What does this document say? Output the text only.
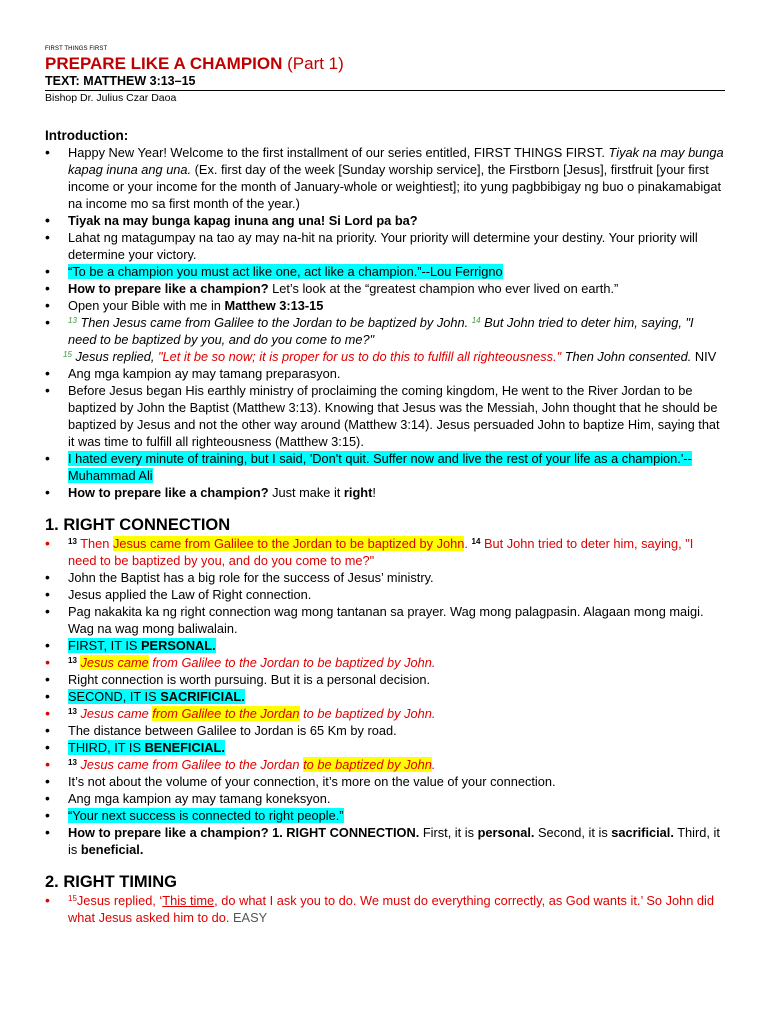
FIRST THINGS FIRST
PREPARE LIKE A CHAMPION (Part 1)
TEXT: MATTHEW 3:13–15
Bishop Dr. Julius Czar Daoa
Introduction:
• Happy New Year! Welcome to the first installment of our series entitled, FIRST THINGS FIRST. Tiyak na may bunga kapag inuna ang una. (Ex. first day of the week [Sunday worship service], the Firstborn [Jesus], firstfruit [your first income or your income for the month of January-whole or weightiest]; ito yung pagbbibigay ng buo o pinakamabigat na income mo sa first month of the year.)
• Tiyak na may bunga kapag inuna ang una! Si Lord pa ba?
• Lahat ng matagumpay na tao ay may na-hit na priority. Your priority will determine your destiny. Your priority will determine your victory.
• “To be a champion you must act like one, act like a champion.”--Lou Ferrigno
• How to prepare like a champion? Let’s look at the “greatest champion who ever lived on earth.”
• Open your Bible with me in Matthew 3:13-15
• $^{13}$ Then Jesus came from Galilee to the Jordan to be baptized by John. $^{14}$ But John tried to deter him, saying, "I need to be baptized by you, and do you come to me?"
$^{15}$ Jesus replied, "Let it be so now; it is proper for us to do this to fulfill all righteousness." Then John consented. NIV
• Ang mga kampion ay may tamang preparasyon.
• Before Jesus began His earthly ministry of proclaiming the coming kingdom, He went to the River Jordan to be baptized by John the Baptist (Matthew 3:13). Knowing that Jesus was the Messiah, John thought that he should be baptized by Jesus and not the other way around (Matthew 3:14). Jesus persuaded John to baptize Him, saying that it was time to fulfill all righteousness (Matthew 3:15).
• I hated every minute of training, but I said, 'Don't quit. Suffer now and live the rest of your life as a champion.'--Muhammad Ali
• How to prepare like a champion? Just make it right!
1. RIGHT CONNECTION
• $^{13}$ Then Jesus came from Galilee to the Jordan to be baptized by John. $^{14}$ But John tried to deter him, saying, "I need to be baptized by you, and do you come to me?"
• John the Baptist has a big role for the success of Jesus’ ministry.
• Jesus applied the Law of Right connection.
• Pag nakakita ka ng right connection wag mong tantanan sa prayer. Wag mong palagpasin. Alagaan mong maigi. Wag na wag mong baliwalain.
• FIRST, IT IS PERSONAL.
• $^{13}$ Jesus came from Galilee to the Jordan to be baptized by John.
• Right connection is worth pursuing. But it is a personal decision.
• SECOND, IT IS SACRIFICIAL.
• $^{13}$ Jesus came from Galilee to the Jordan to be baptized by John.
• The distance between Galilee to Jordan is 65 Km by road.
• THIRD, IT IS BENEFICIAL.
• $^{13}$ Jesus came from Galilee to the Jordan to be baptized by John.
• It’s not about the volume of your connection, it’s more on the value of your connection.
• Ang mga kampion ay may tamang koneksyon.
• “Your next success is connected to right people.”
• How to prepare like a champion? 1. RIGHT CONNECTION. First, it is personal. Second, it is sacrificial. Third, it is beneficial.
2. RIGHT TIMING
• $^{15}$Jesus replied, ‘This time, do what I ask you to do. We must do everything correctly, as God wants it.’ So John did what Jesus asked him to do. EASY
